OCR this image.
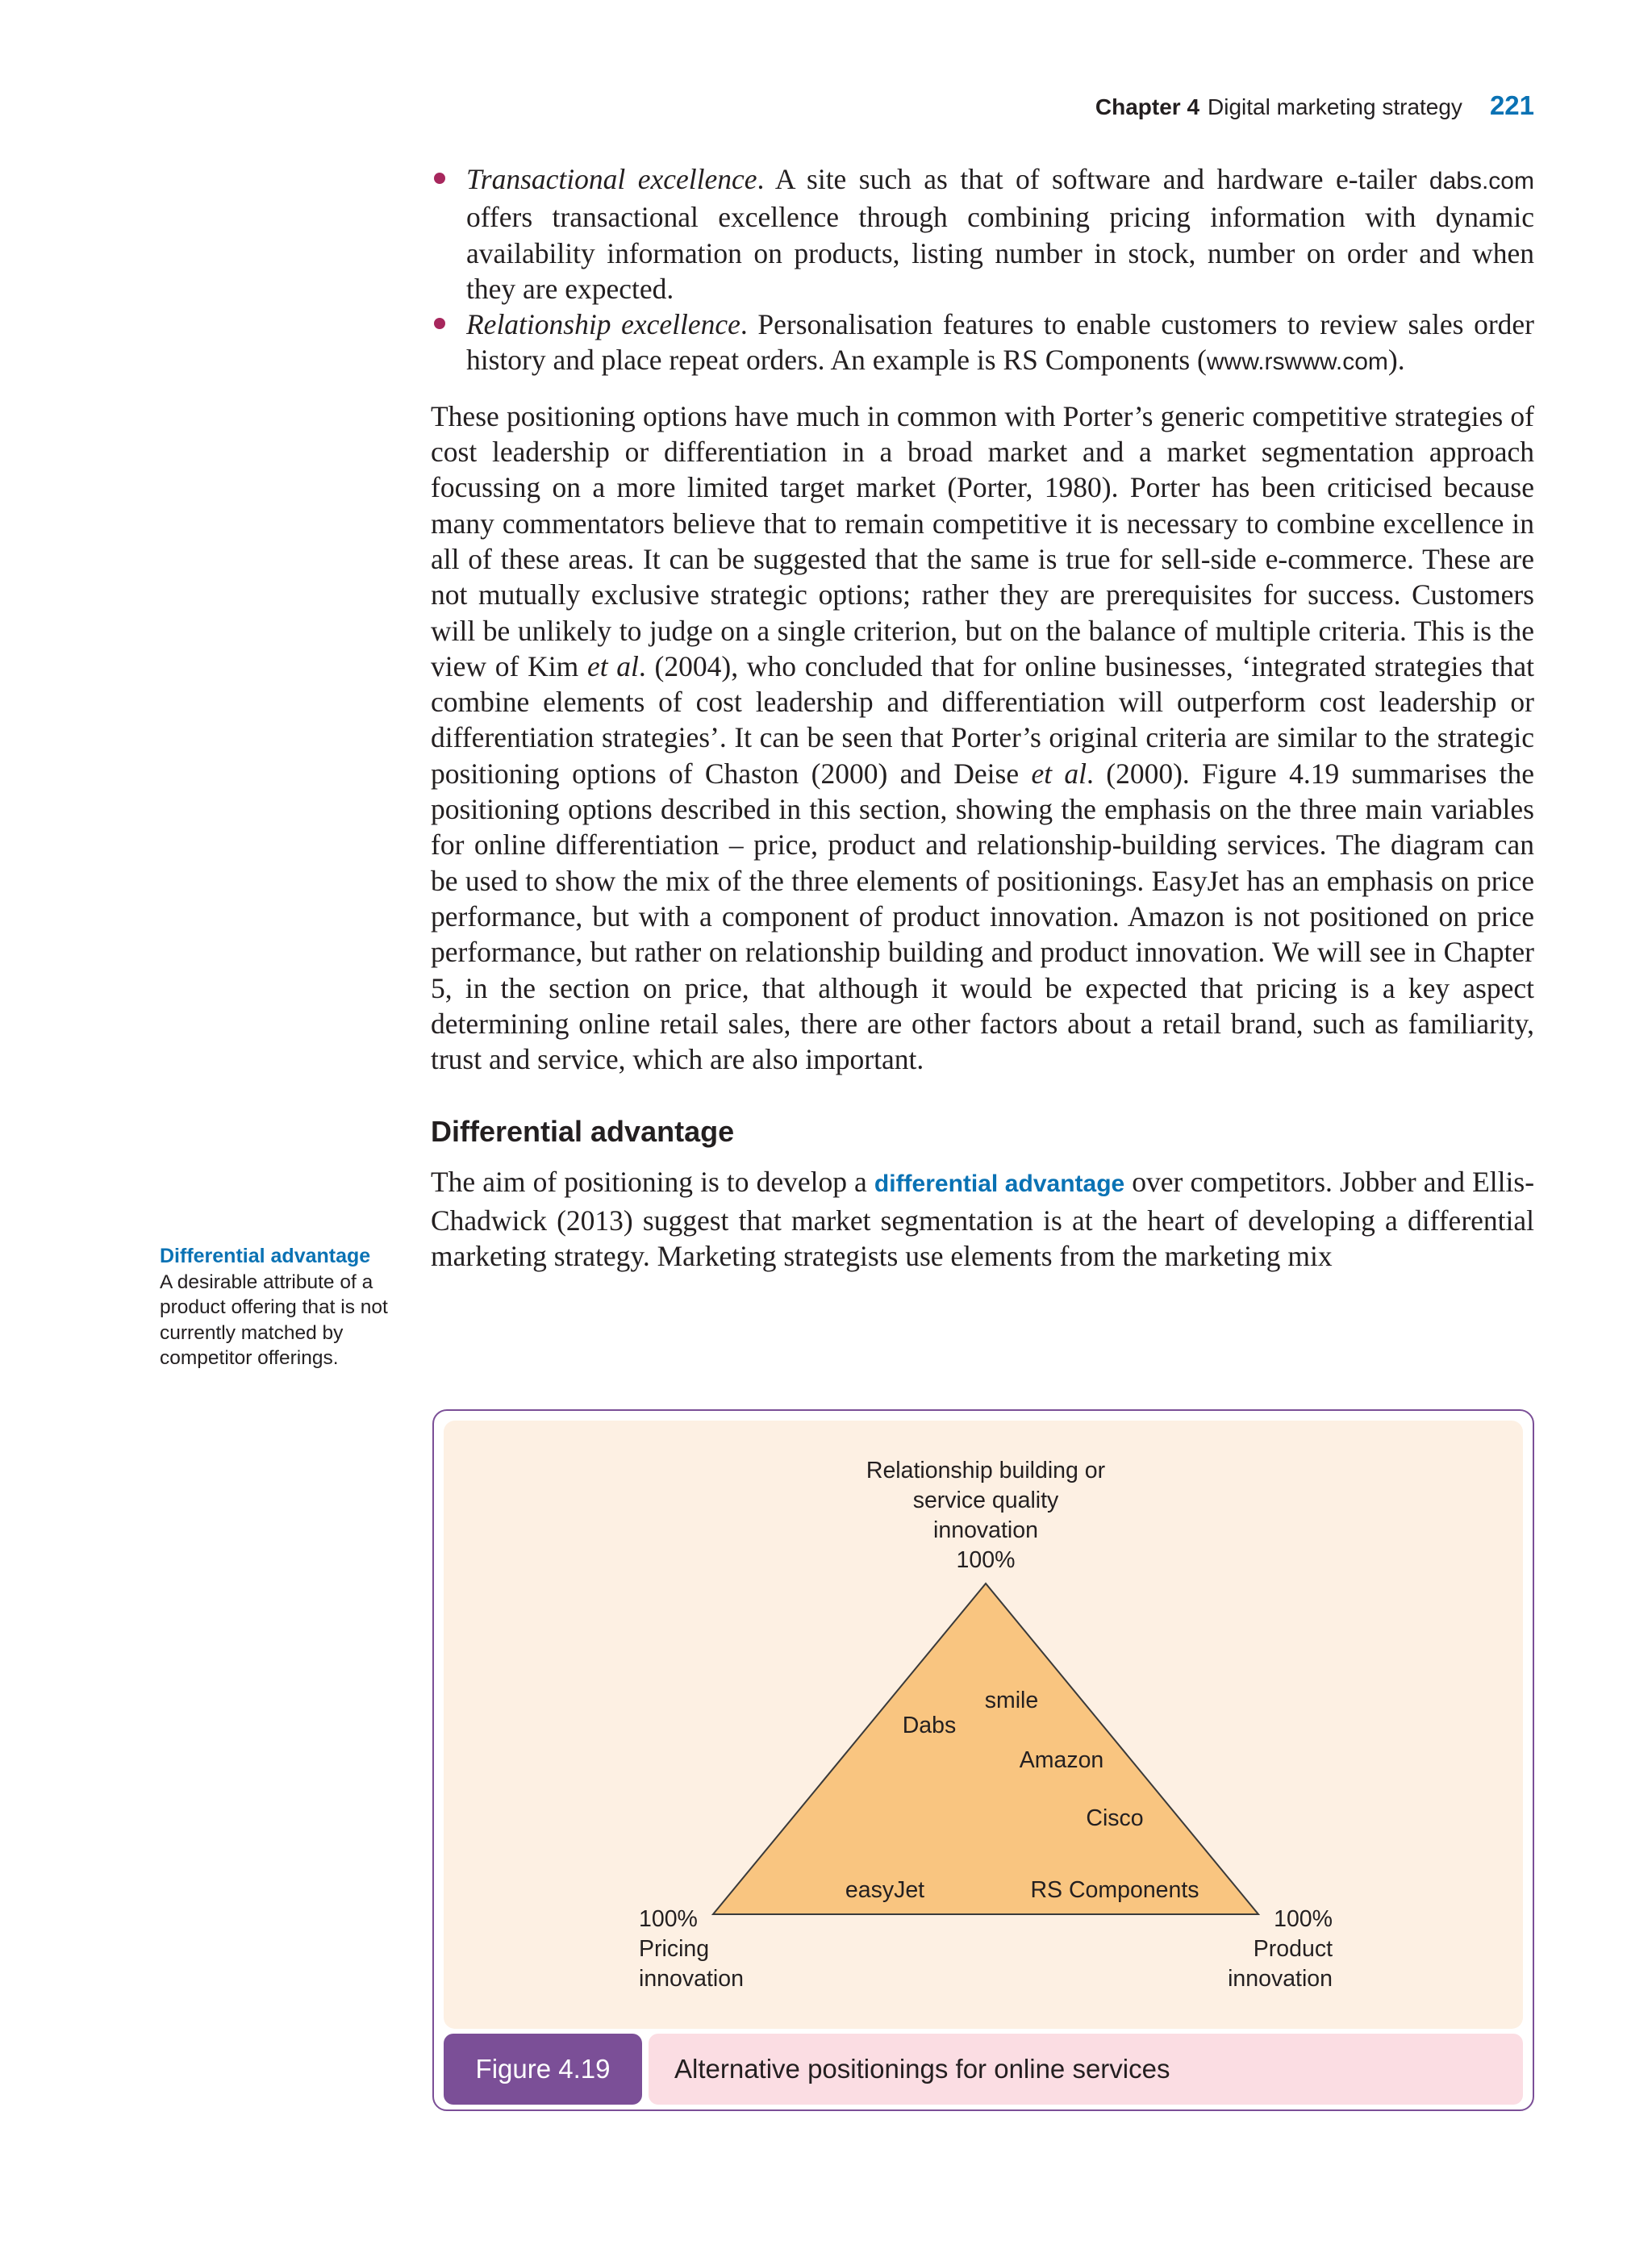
Chapter 4 Digital marketing strategy 221
Transactional excellence. A site such as that of software and hardware e-tailer dabs.com offers transactional excellence through combining pricing information with dynamic availability information on products, listing number in stock, number on order and when they are expected.
Relationship excellence. Personalisation features to enable customers to review sales order history and place repeat orders. An example is RS Components (www.rswww.com).

These positioning options have much in common with Porter’s generic competitive strategies of cost leadership or differentiation in a broad market and a market segmentation approach focussing on a more limited target market (Porter, 1980). Porter has been criticised because many commentators believe that to remain competitive it is necessary to combine excellence in all of these areas. It can be suggested that the same is true for sell-side e-commerce. These are not mutually exclusive strategic options; rather they are prerequisites for success. Customers will be unlikely to judge on a single criterion, but on the balance of multiple criteria. This is the view of Kim et al. (2004), who concluded that for online businesses, ‘integrated strategies that combine elements of cost leadership and differentiation will outperform cost leadership or differentiation strategies’. It can be seen that Porter’s original criteria are similar to the strategic positioning options of Chaston (2000) and Deise et al. (2000). Figure 4.19 summarises the positioning options described in this section, showing the emphasis on the three main variables for online differentiation – price, product and relationship-building services. The diagram can be used to show the mix of the three elements of positionings. EasyJet has an emphasis on price performance, but with a component of product innovation. Amazon is not positioned on price performance, but rather on relationship building and product innovation. We will see in Chapter 5, in the section on price, that although it would be expected that pricing is a key aspect determining online retail sales, there are other factors about a retail brand, such as familiarity, trust and service, which are also important.

Differential advantage

The aim of positioning is to develop a differential advantage over competitors. Jobber and Ellis-Chadwick (2013) suggest that market segmentation is at the heart of developing a differential marketing strategy. Marketing strategists use elements from the marketing mix

Differential advantage
A desirable attribute of a product offering that is not currently matched by competitor offerings.
Relationship building or
service quality
innovation
100%
100%
Pricing
innovation
100%
Product
innovation
smile
Dabs
Amazon
Cisco
easyJet	RS Components
Figure 4.19	Alternative positionings for online services
